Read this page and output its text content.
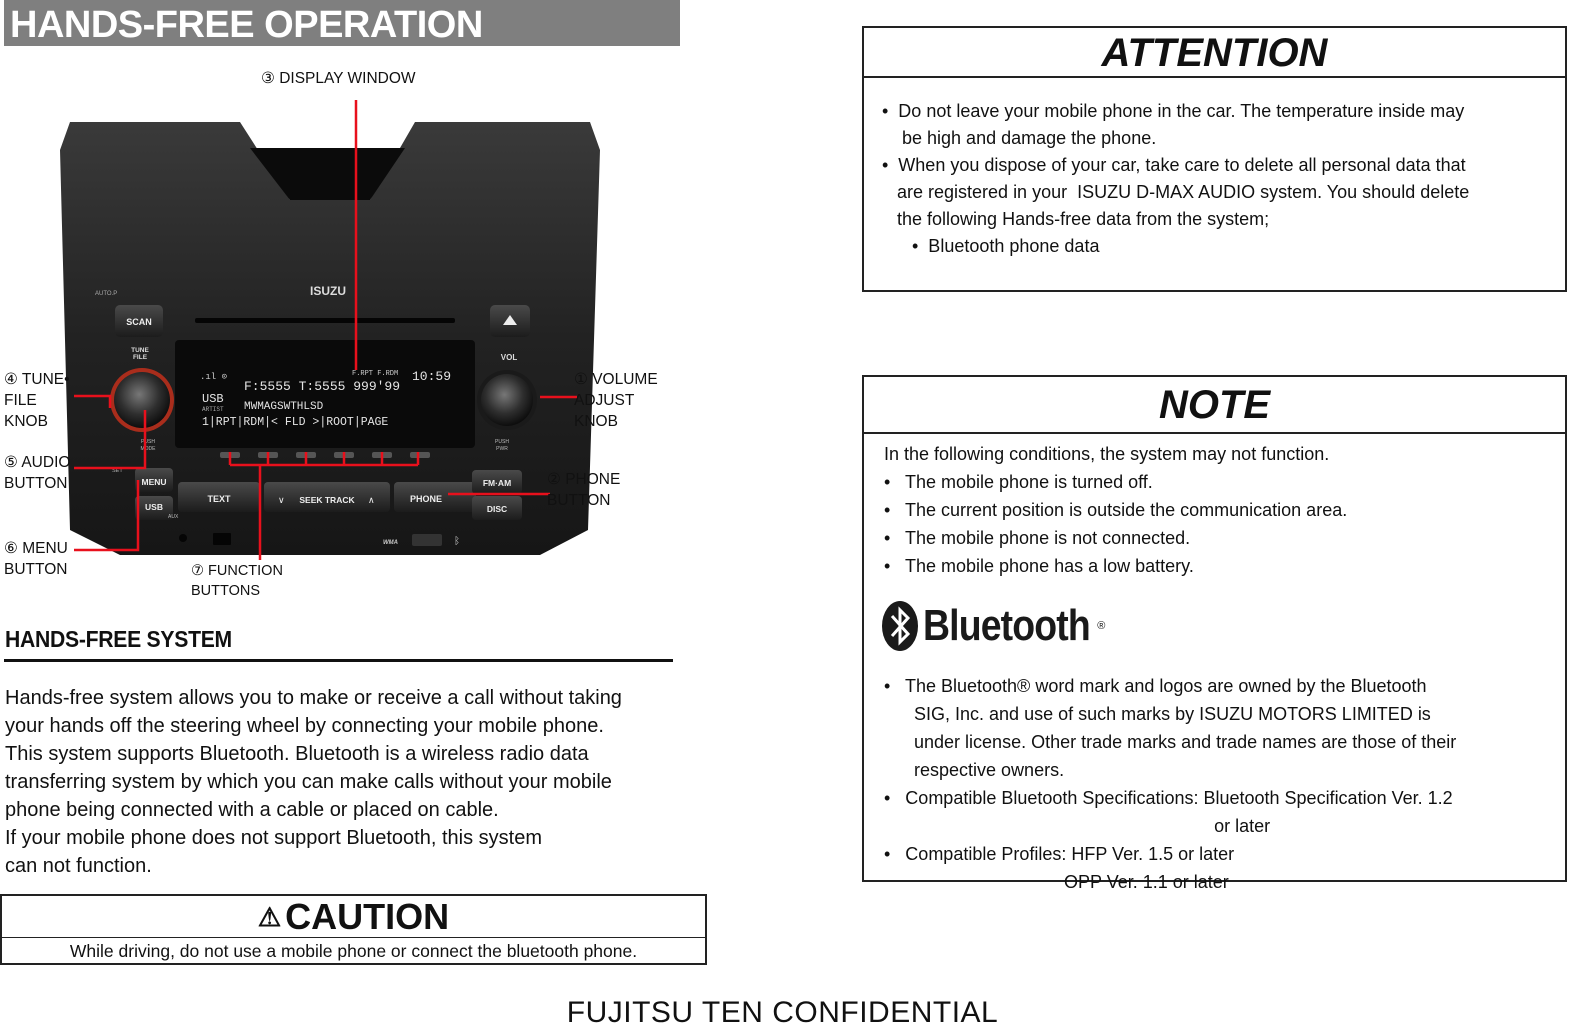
HANDS-FREE OPERATION
ISUZU
AUTO.P
SCAN
TUNE
FILE
PUSH
MODE
F.RPT F.RDM
.ıl ⊙
F:5555 T:5555 999'99
10:59
USB
ARTIST MWMAGSWTHLSD
1|RPT|RDM|< FLD >|ROOT|PAGE
VOL
PUSH
PWR
MENU
SET
USB
AUX
TEXT	SEEK TRACK
∨	∧	PHONE
FM·AM
DISC
WMA	ᛒ
③ DISPLAY WINDOW
④ TUNE•
FILE
KNOB
⑤ AUDIO
BUTTON
⑥ MENU
BUTTON	⑦ FUNCTION
BUTTONS
① VOLUME
ADJUST
KNOB
② PHONE
BUTTON
HANDS-FREE SYSTEM

Hands-free system allows you to make or receive a call without taking

your hands off the steering wheel by connecting your mobile phone.

This system supports Bluetooth. Bluetooth is a wireless radio data

transferring system by which you can make calls without your mobile

phone being connected with a cable or placed on cable.

If your mobile phone does not support Bluetooth, this system

can not function.

⚠ CAUTION
While driving, do not use a mobile phone or connect the bluetooth phone.
ATTENTION
•  Do not leave your mobile phone in the car. The temperature inside may
be high and damage the phone.
•  When you dispose of your car, take care to delete all personal data that
are registered in your  ISUZU D-MAX AUDIO system. You should delete
the following Hands-free data from the system;
•  Bluetooth phone data
NOTE
In the following conditions, the system may not function.
•   The mobile phone is turned off.
•   The current position is outside the communication area.
•   The mobile phone is not connected.
•   The mobile phone has a low battery.
Bluetooth ®
•   The Bluetooth® word mark and logos are owned by the Bluetooth
SIG, Inc. and use of such marks by ISUZU MOTORS LIMITED is
under license. Other trade marks and trade names are those of their
respective owners.
•   Compatible Bluetooth Specifications: Bluetooth Specification Ver. 1.2
or later
•   Compatible Profiles: HFP Ver. 1.5 or later
OPP Ver. 1.1 or later
FUJITSU TEN CONFIDENTIAL
